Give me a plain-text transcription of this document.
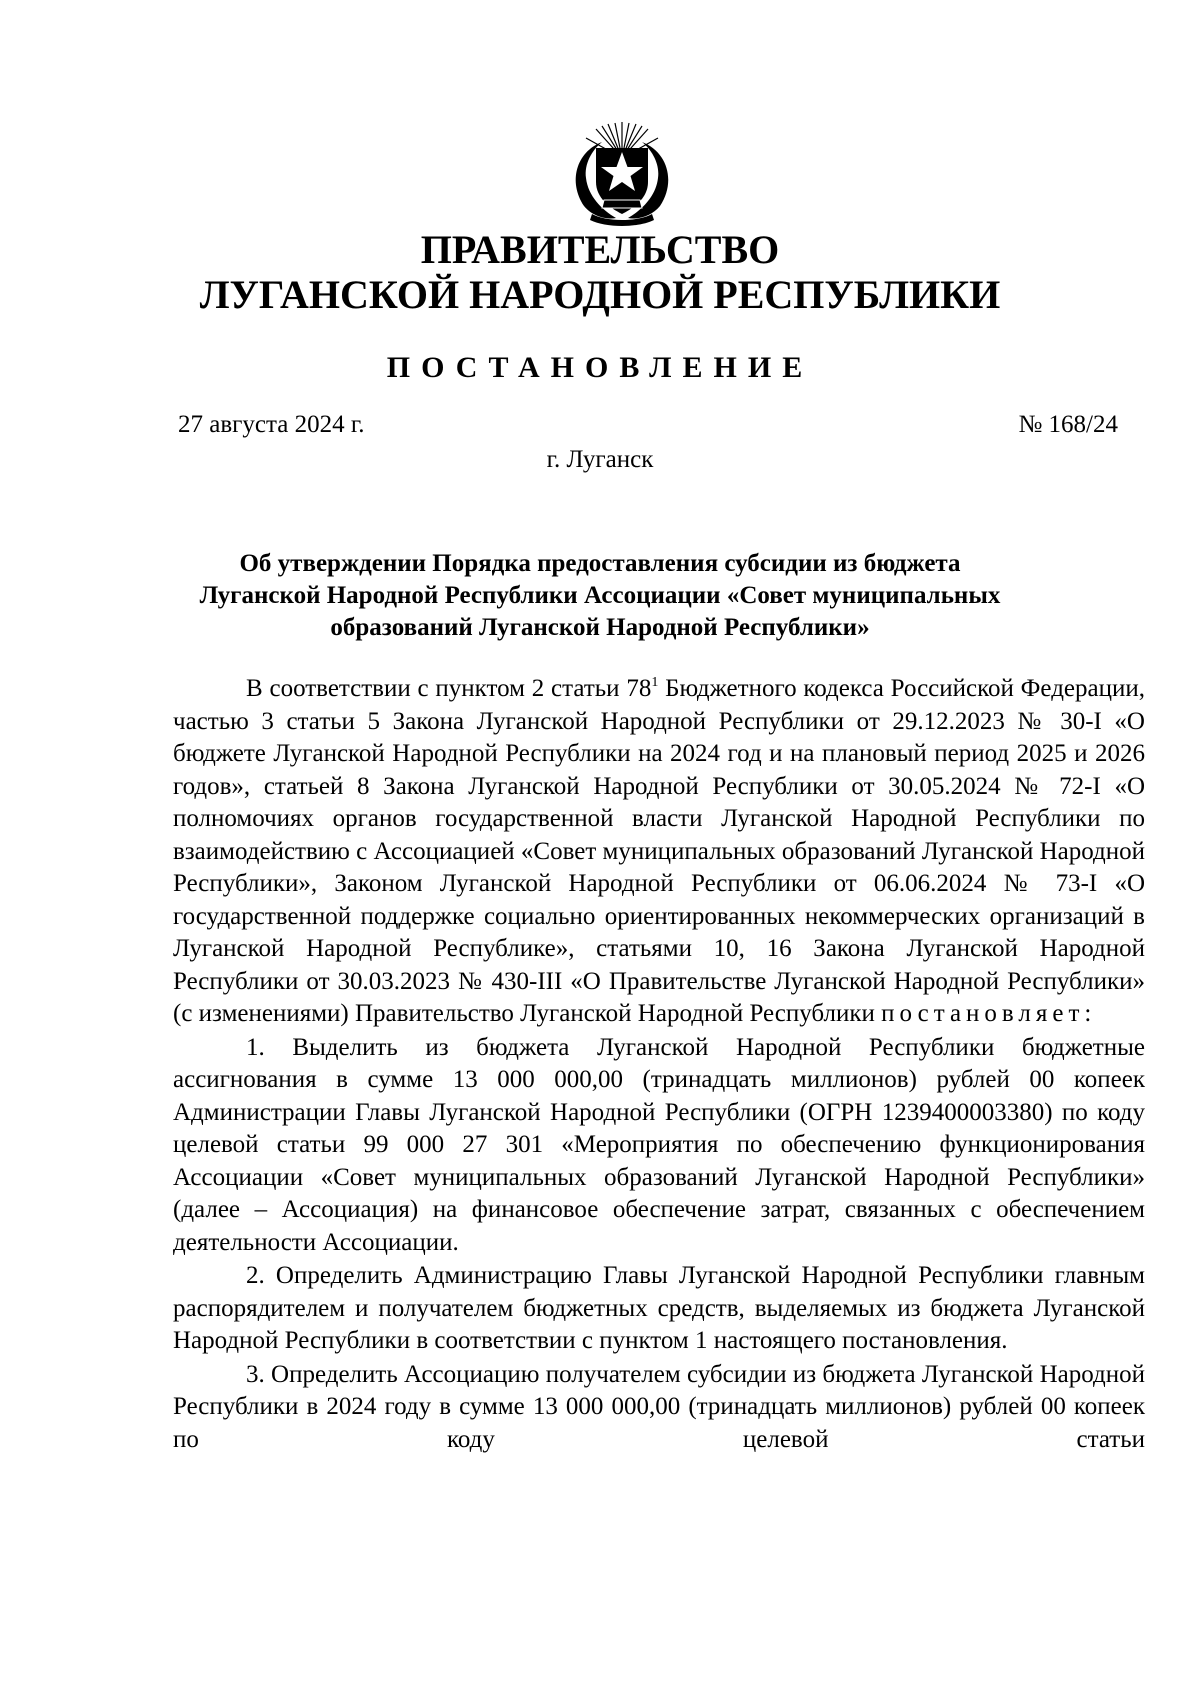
ПРАВИТЕЛЬСТВО
ЛУГАНСКОЙ НАРОДНОЙ РЕСПУБЛИКИ
ПОСТАНОВЛЕНИЕ
27 августа 2024 г.	№ 168/24
г. Луганск
Об утверждении Порядка предоставления субсидии из бюджета
Луганской Народной Республики Ассоциации «Совет муниципальных
образований Луганской Народной Республики»

В соответствии с пунктом 2 статьи $78^1$ Бюджетного кодекса Российской Федерации, частью 3 статьи 5 Закона Луганской Народной Республики от 29.12.2023 № 30-I «О бюджете Луганской Народной Республики на 2024 год и на плановый период 2025 и 2026 годов», статьей 8 Закона Луганской Народной Республики от 30.05.2024 № 72-I «О полномочиях органов государственной власти Луганской Народной Республики по взаимодействию с Ассоциацией «Совет муниципальных образований Луганской Народной Республики», Законом Луганской Народной Республики от 06.06.2024 № 73-I «О государственной поддержке социально ориентированных некоммерческих организаций в Луганской Народной Республике», статьями 10, 16 Закона Луганской Народной Республики от 30.03.2023 № 430-III «О Правительстве Луганской Народной Республики» (с изменениями) Правительство Луганской Народной Республики постановляет:

1. Выделить из бюджета Луганской Народной Республики бюджетные ассигнования в сумме 13 000 000,00 (тринадцать миллионов) рублей 00 копеек Администрации Главы Луганской Народной Республики (ОГРН 1239400003380) по коду целевой статьи 99 000 27 301 «Мероприятия по обеспечению функционирования Ассоциации «Совет муниципальных образований Луганской Народной Республики» (далее – Ассоциация) на финансовое обеспечение затрат, связанных с обеспечением деятельности Ассоциации.

2. Определить Администрацию Главы Луганской Народной Республики главным распорядителем и получателем бюджетных средств, выделяемых из бюджета Луганской Народной Республики в соответствии с пунктом 1 настоящего постановления.

3. Определить Ассоциацию получателем субсидии из бюджета Луганской Народной Республики в 2024 году в сумме 13 000 000,00 (тринадцать миллионов) рублей 00 копеек по коду целевой статьи
